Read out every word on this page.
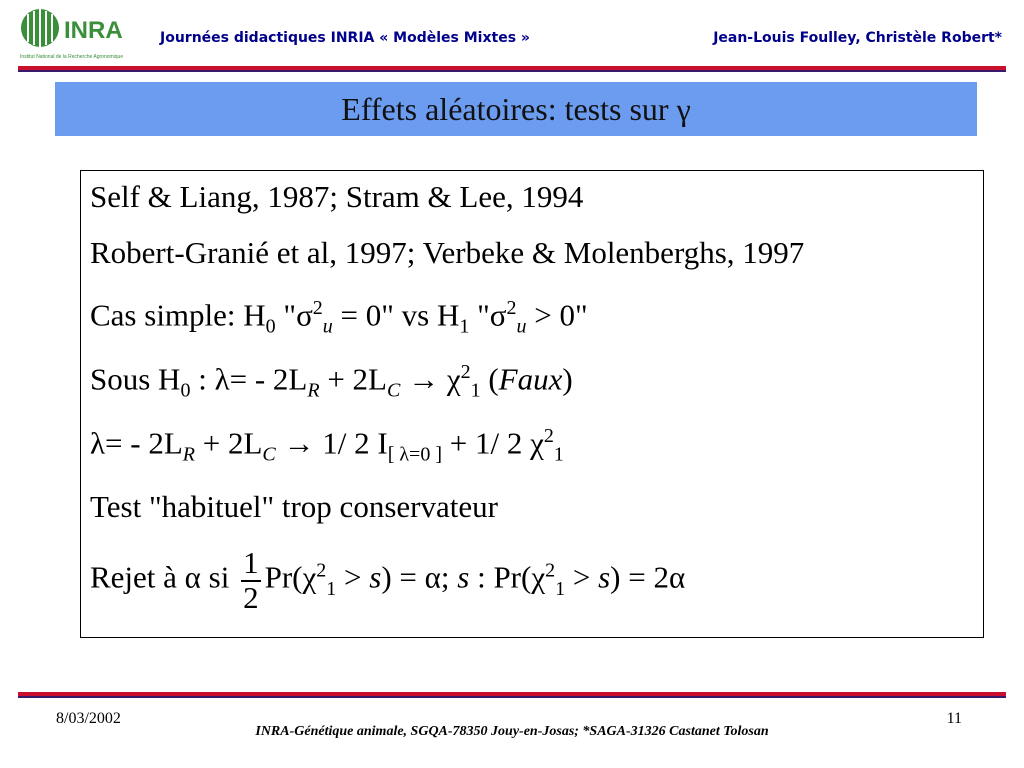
INRA
Institut National de la Recherche Agronomique
Journées didactiques INRIA « Modèles Mixtes »	Jean-Louis Foulley, Christèle Robert*
Effets aléatoires: tests sur γ
Self & Liang, 1987; Stram & Lee, 1994
Robert-Granié et al, 1997; Verbeke & Molenberghs, 1997
Cas simple: $H_0$ "$\sigma^2_u = 0$" vs $H_1$ "$\sigma^2_u > 0$"
Sous $H_0$ : $\lambda= - 2L_R + 2L_C \to \chi^2_1$ (Faux)
$\lambda= - 2L_R + 2L_C \to 1/$ 2 $I_{[ \lambda=0 ]} + 1/$ 2 $\chi^2_1$
Test "habituel" trop conservateur
Rejet à α si $\frac{1}{2} Pr(\chi^2_1 > s) = \alpha$; s : $Pr(\chi^2_1 > s) = 2\alpha$
8/03/2002	11
INRA-Génétique animale, SGQA-78350 Jouy-en-Josas; *SAGA-31326 Castanet Tolosan
